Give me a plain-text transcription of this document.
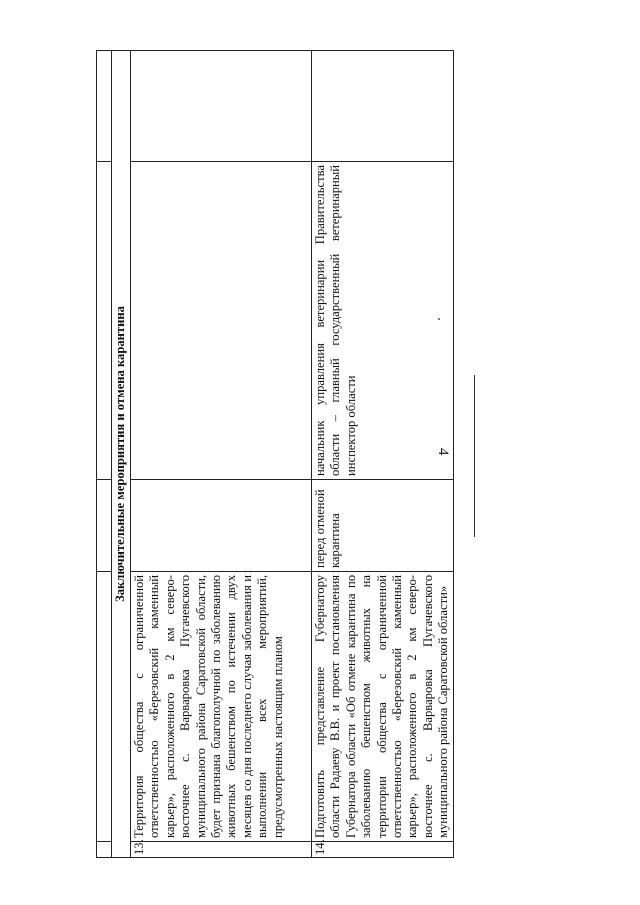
4

Заключительные мероприятия и отмена карантина				
13.	Территория общества с ограниченной ответственностью «Березовский каменный карьер», расположенного в 2 км северо-восточнее с. Варваровка Пугачевского муниципального района Саратовской области, будет признана благополучной по заболеванию животных бешенством по истечении двух месяцев со дня последнего случая заболевания и выполнении всех мероприятий, предусмотренных настоящим планом			
14.	Подготовить представление Губернатору области Радаеву В.В. и проект постановления Губернатора области «Об отмене карантина по заболеванию бешенством животных на территории общества с ограниченной ответственностью «Березовский каменный карьер», расположенного в 2 км северо-восточнее с. Варваровка Пугачевского муниципального района Саратовской области»	перед отменой карантина	начальник управления ветеринарии Правительства области – главный государственный ветеринарный инспектор области	
